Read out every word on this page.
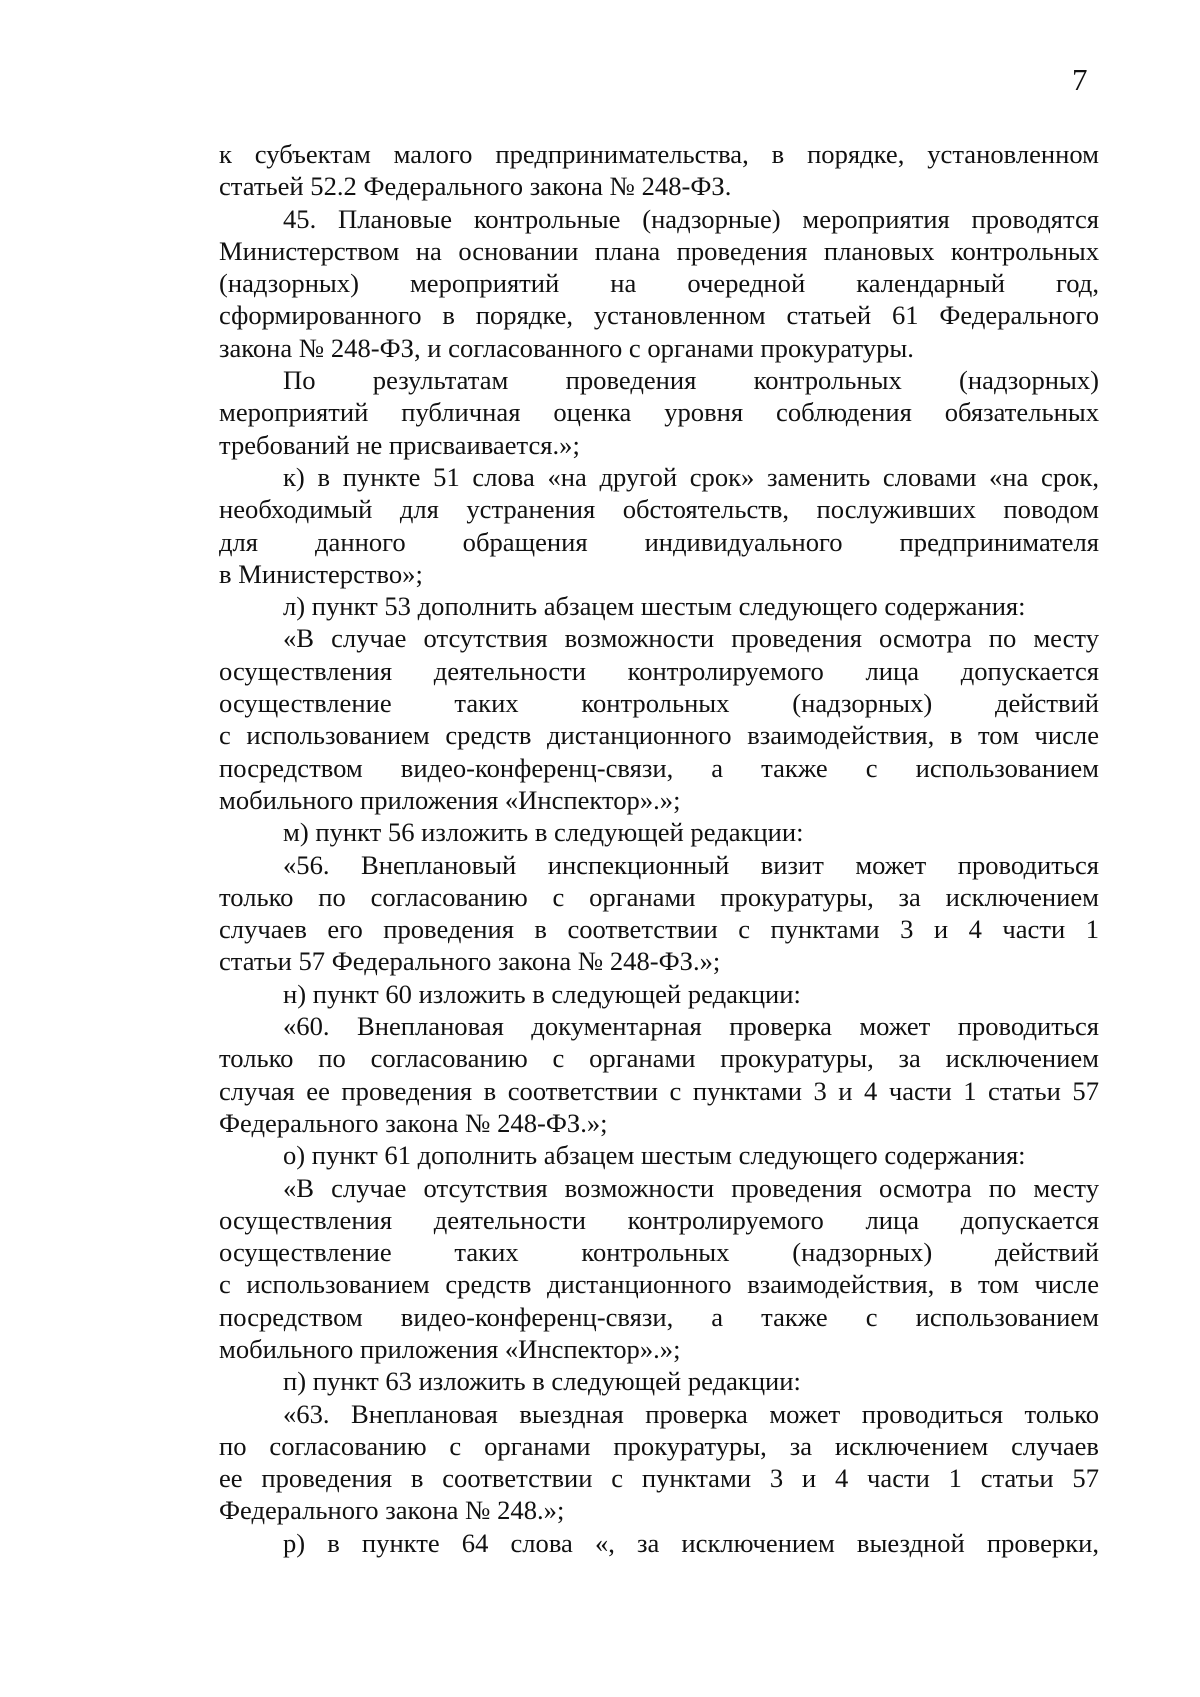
7
к субъектам малого предпринимательства, в порядке, установленном
статьей 52.2 Федерального закона № 248-ФЗ.
45. Плановые контрольные (надзорные) мероприятия проводятся
Министерством на основании плана проведения плановых контрольных
(надзорных) мероприятий на очередной календарный год,
сформированного в порядке, установленном статьей 61 Федерального
закона № 248-ФЗ, и согласованного с органами прокуратуры.
По результатам проведения контрольных (надзорных)
мероприятий публичная оценка уровня соблюдения обязательных
требований не присваивается.»;
к) в пункте 51 слова «на другой срок» заменить словами «на срок,
необходимый для устранения обстоятельств, послуживших поводом
для данного обращения индивидуального предпринимателя
в Министерство»;
л) пункт 53 дополнить абзацем шестым следующего содержания:
«В случае отсутствия возможности проведения осмотра по месту
осуществления деятельности контролируемого лица допускается
осуществление таких контрольных (надзорных) действий
с использованием средств дистанционного взаимодействия, в том числе
посредством видео-конференц-связи, а также с использованием
мобильного приложения «Инспектор».»;
м) пункт 56 изложить в следующей редакции:
«56. Внеплановый инспекционный визит может проводиться
только по согласованию с органами прокуратуры, за исключением
случаев его проведения в соответствии с пунктами 3 и 4 части 1
статьи 57 Федерального закона № 248-ФЗ.»;
н) пункт 60 изложить в следующей редакции:
«60. Внеплановая документарная проверка может проводиться
только по согласованию с органами прокуратуры, за исключением
случая ее проведения в соответствии с пунктами 3 и 4 части 1 статьи 57
Федерального закона № 248-ФЗ.»;
о) пункт 61 дополнить абзацем шестым следующего содержания:
«В случае отсутствия возможности проведения осмотра по месту
осуществления деятельности контролируемого лица допускается
осуществление таких контрольных (надзорных) действий
с использованием средств дистанционного взаимодействия, в том числе
посредством видео-конференц-связи, а также с использованием
мобильного приложения «Инспектор».»;
п) пункт 63 изложить в следующей редакции:
«63. Внеплановая выездная проверка может проводиться только
по согласованию с органами прокуратуры, за исключением случаев
ее проведения в соответствии с пунктами 3 и 4 части 1 статьи 57
Федерального закона № 248.»;
р) в пункте 64 слова «, за исключением выездной проверки,
